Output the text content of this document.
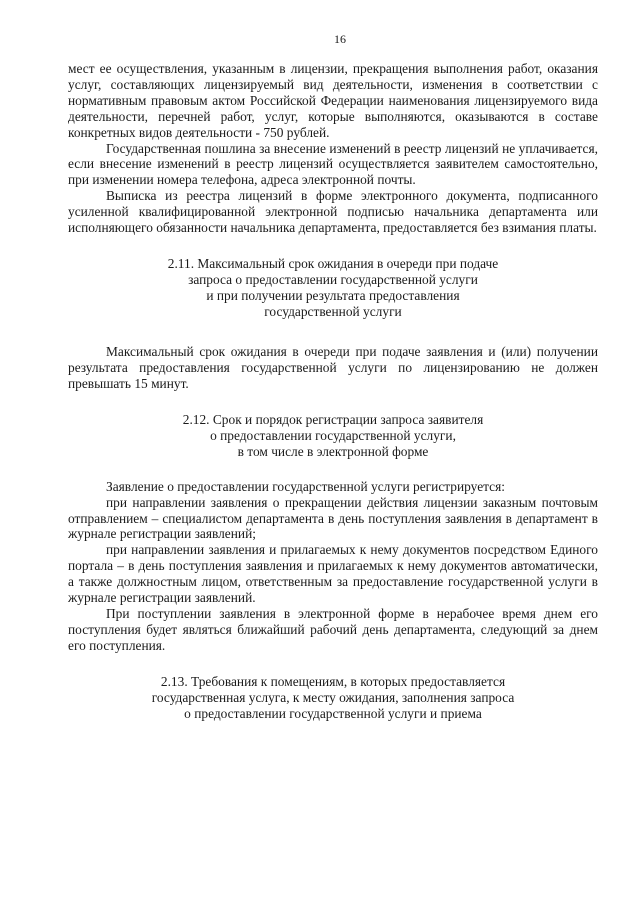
16

мест ее осуществления, указанным в лицензии, прекращения выполнения работ, оказания услуг, составляющих лицензируемый вид деятельности, изменения в соответствии с нормативным правовым актом Российской Федерации наименования лицензируемого вида деятельности, перечней работ, услуг, которые выполняются, оказываются в составе конкретных видов деятельности - 750 рублей.

Государственная пошлина за внесение изменений в реестр лицензий не уплачивается, если внесение изменений в реестр лицензий осуществляется заявителем самостоятельно, при изменении номера телефона, адреса электронной почты.

Выписка из реестра лицензий в форме электронного документа, подписанного усиленной квалифицированной электронной подписью начальника департамента или исполняющего обязанности начальника департамента, предоставляется без взимания платы.

2.11. Максимальный срок ожидания в очереди при подаче
запроса о предоставлении государственной услуги
и при получении результата предоставления
государственной услуги

Максимальный срок ожидания в очереди при подаче заявления и (или) получении результата предоставления государственной услуги по лицензированию не должен превышать 15 минут.

2.12. Срок и порядок регистрации запроса заявителя
о предоставлении государственной услуги,
в том числе в электронной форме

Заявление о предоставлении государственной услуги регистрируется:

при направлении заявления о прекращении действия лицензии заказным почтовым отправлением – специалистом департамента в день поступления заявления в департамент в журнале регистрации заявлений;

при направлении заявления и прилагаемых к нему документов посредством Единого портала – в день поступления заявления и прилагаемых к нему документов автоматически, а также должностным лицом, ответственным за предоставление государственной услуги в журнале регистрации заявлений.

При поступлении заявления в электронной форме в нерабочее время днем его поступления будет являться ближайший рабочий день департамента, следующий за днем его поступления.

2.13. Требования к помещениям, в которых предоставляется
государственная услуга, к месту ожидания, заполнения запроса
о предоставлении государственной услуги и приема
